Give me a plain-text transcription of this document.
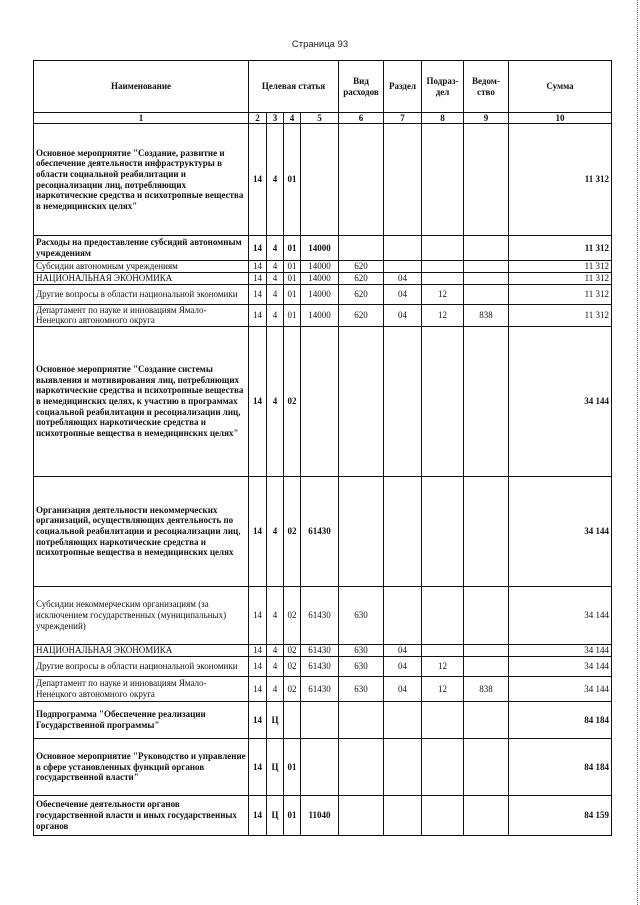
Страница 93
Наименование	Целевая статья				Вид расходов	Раздел	Подраз-дел	Ведом-ство	Сумма
1	2	3	4	5	6	7	8	9	10
Основное мероприятие "Создание, развитие и обеспечение деятельности инфраструктуры в области социальной реабилитации и ресоциализации лиц, потребляющих наркотические средства и психотропные вещества в немедицинских целях"	14	4	01						11 312
Расходы на предоставление субсидий автономным учреждениям	14	4	01	14000					11 312
Субсидии автономным учреждениям	14	4	01	14000	620				11 312
НАЦИОНАЛЬНАЯ ЭКОНОМИКА	14	4	01	14000	620	04			11 312
Другие вопросы в области национальной экономики	14	4	01	14000	620	04	12		11 312
Департамент по науке и инновациям Ямало-Ненецкого автономного округа	14	4	01	14000	620	04	12	838	11 312
Основное мероприятие "Создание системы выявления и мотивирования лиц, потребляющих наркотические средства и психотропные вещества в немедицинских целях, к участию в программах социальной реабилитации и ресоциализации лиц, потребляющих наркотические средства и психотропные вещества в немедицинских целях"	14	4	02						34 144
Организация деятельности некоммерческих организаций, осуществляющих деятельность по социальной реабилитации и ресоциализации лиц, потребляющих наркотические средства и психотропные вещества в немедицинских целях	14	4	02	61430					34 144
Субсидии некоммерческим организациям (за исключением государственных (муниципальных) учреждений)	14	4	02	61430	630				34 144
НАЦИОНАЛЬНАЯ ЭКОНОМИКА	14	4	02	61430	630	04			34 144
Другие вопросы в области национальной экономики	14	4	02	61430	630	04	12		34 144
Департамент по науке и инновациям Ямало-Ненецкого автономного округа	14	4	02	61430	630	04	12	838	34 144
Подпрограмма "Обеспечение реализации Государственной программы"	14	Ц							84 184
Основное мероприятие "Руководство и управление в сфере установленных функций органов государственной власти"	14	Ц	01						84 184
Обеспечение деятельности органов государственной власти и иных государственных органов	14	Ц	01	11040					84 159
